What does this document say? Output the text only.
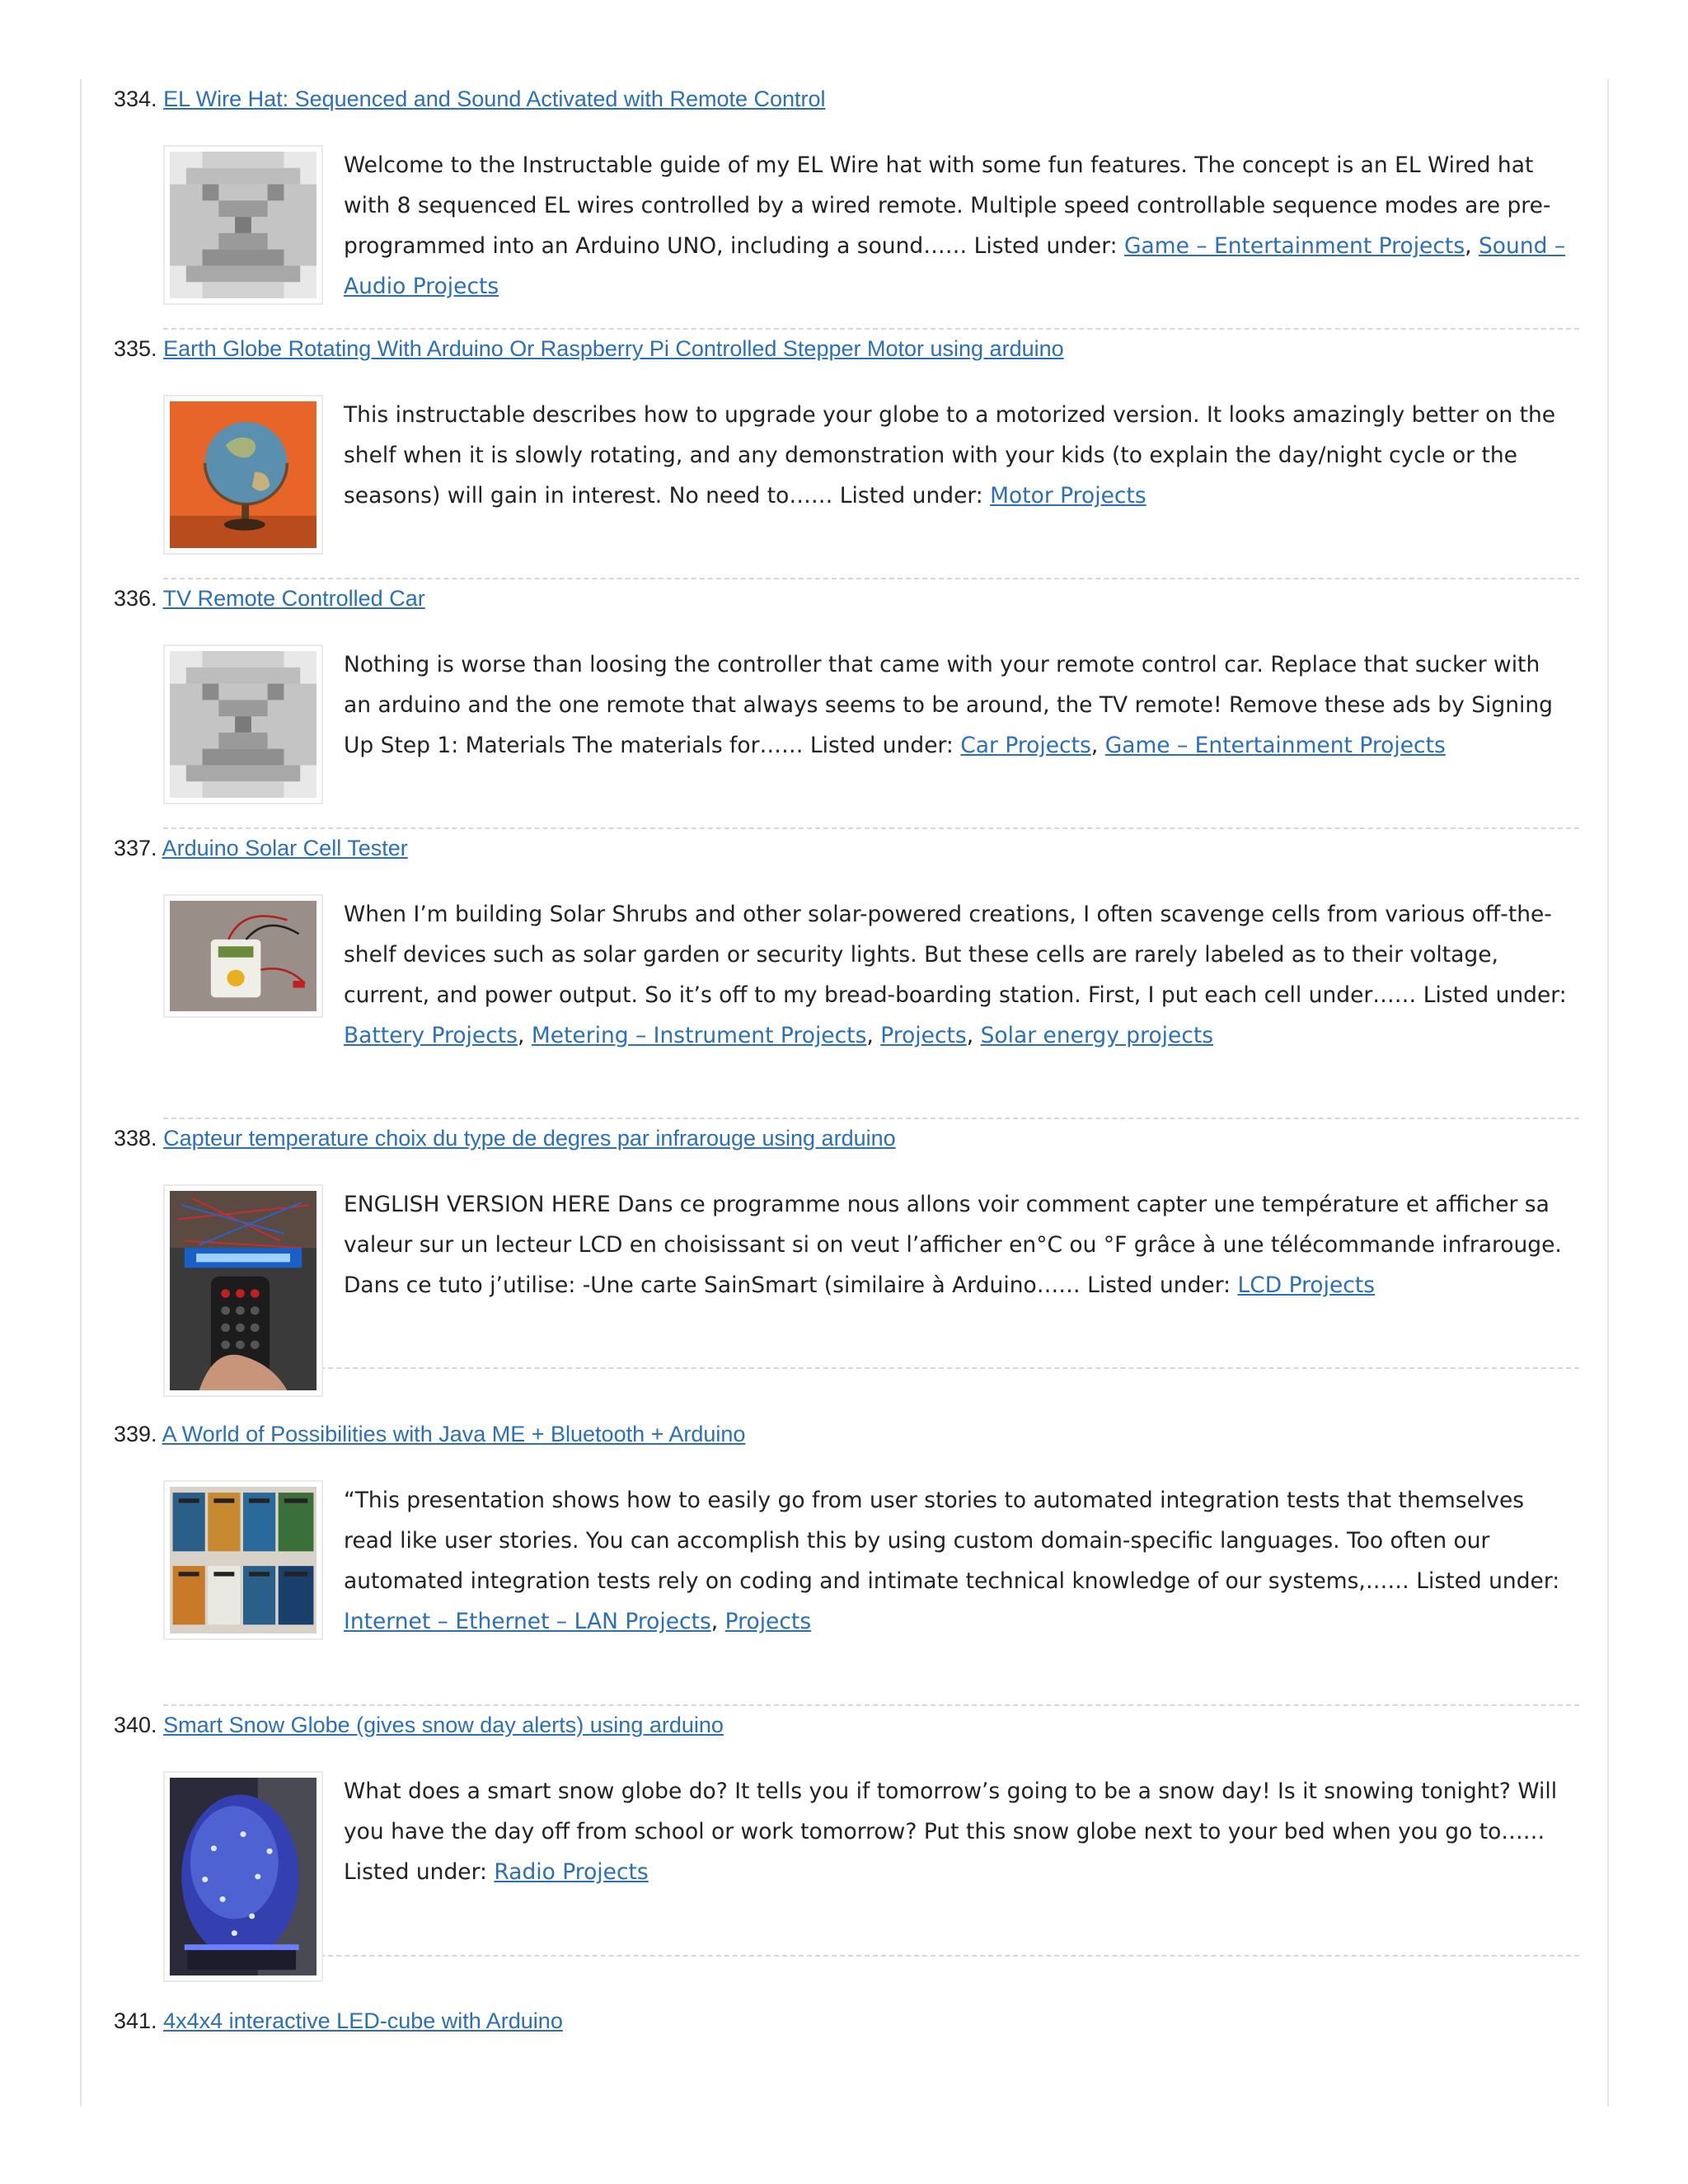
334. EL Wire Hat: Sequenced and Sound Activated with Remote Control
Welcome to the Instructable guide of my EL Wire hat with some fun features. The concept is an EL Wired hat with 8 sequenced EL wires controlled by a wired remote. Multiple speed controllable sequence modes are pre-programmed into an Arduino UNO, including a sound…… Listed under: Game – Entertainment Projects, Sound – Audio Projects
335. Earth Globe Rotating With Arduino Or Raspberry Pi Controlled Stepper Motor using arduino
This instructable describes how to upgrade your globe to a motorized version. It looks amazingly better on the shelf when it is slowly rotating, and any demonstration with your kids (to explain the day/night cycle or the seasons) will gain in interest. No need to…… Listed under: Motor Projects
336. TV Remote Controlled Car
Nothing is worse than loosing the controller that came with your remote control car. Replace that sucker with an arduino and the one remote that always seems to be around, the TV remote! Remove these ads by Signing Up Step 1: Materials The materials for…… Listed under: Car Projects, Game – Entertainment Projects
337. Arduino Solar Cell Tester
When I’m building Solar Shrubs and other solar-powered creations, I often scavenge cells from various off-the-shelf devices such as solar garden or security lights. But these cells are rarely labeled as to their voltage, current, and power output. So it’s off to my bread-boarding station. First, I put each cell under…… Listed under: Battery Projects, Metering – Instrument Projects, Projects, Solar energy projects
338. Capteur temperature choix du type de degres par infrarouge using arduino
ENGLISH VERSION HERE Dans ce programme nous allons voir comment capter une température et afficher sa valeur sur un lecteur LCD en choisissant si on veut l’afficher en°C ou °F grâce à une télécommande infrarouge. Dans ce tuto j’utilise: -Une carte SainSmart (similaire à Arduino…… Listed under: LCD Projects
339. A World of Possibilities with Java ME + Bluetooth + Arduino
“This presentation shows how to easily go from user stories to automated integration tests that themselves read like user stories. You can accomplish this by using custom domain-specific languages. Too often our automated integration tests rely on coding and intimate technical knowledge of our systems,…… Listed under: Internet – Ethernet – LAN Projects, Projects
340. Smart Snow Globe (gives snow day alerts) using arduino
What does a smart snow globe do? It tells you if tomorrow’s going to be a snow day! Is it snowing tonight? Will you have the day off from school or work tomorrow? Put this snow globe next to your bed when you go to…… Listed under: Radio Projects
341. 4x4x4 interactive LED-cube with Arduino
